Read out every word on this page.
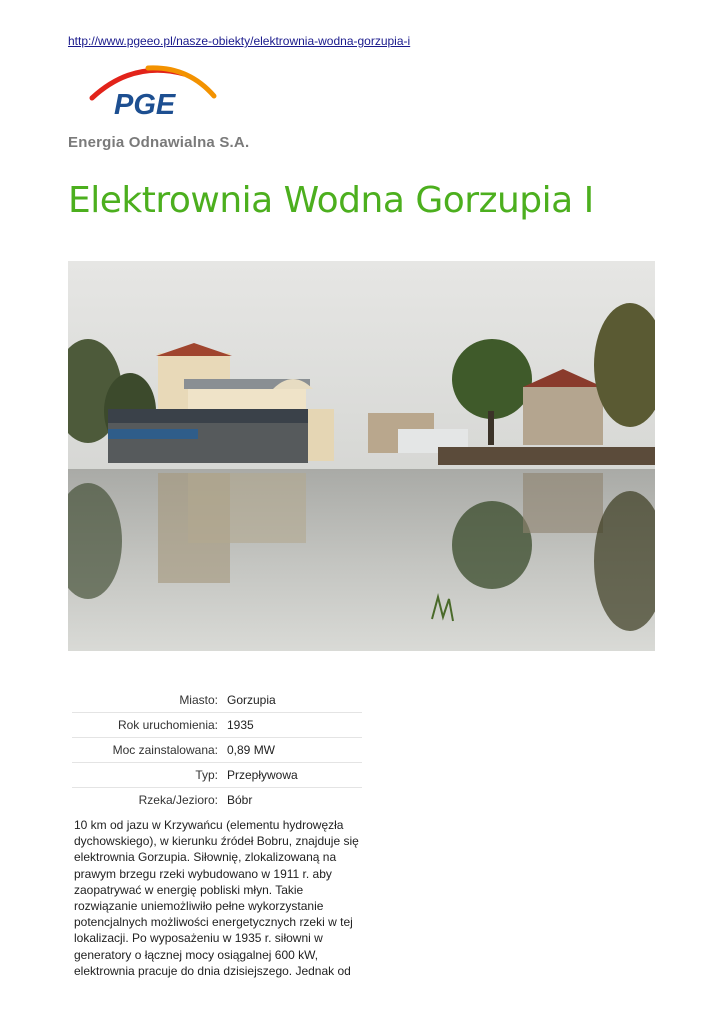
http://www.pgeeo.pl/nasze-obiekty/elektrownia-wodna-gorzupia-i
PGE
Energia Odnawialna S.A.
Elektrownia Wodna Gorzupia I
Miasto:	Gorzupia
Rok uruchomienia:	1935
Moc zainstalowana:	0,89 MW
Typ:	Przepływowa
Rzeka/Jezioro:	Bóbr

10 km od jazu w Krzywańcu (elementu hydrowęzła dychowskiego), w kierunku źródeł Bobru, znajduje się elektrownia Gorzupia. Siłownię, zlokalizowaną na prawym brzegu rzeki wybudowano w 1911 r. aby zaopatrywać w energię pobliski młyn. Takie rozwiązanie uniemożliwiło pełne wykorzystanie potencjalnych możliwości energetycznych rzeki w tej lokalizacji. Po wyposażeniu w 1935 r. siłowni w generatory o łącznej mocy osiągalnej 600 kW, elektrownia pracuje do dnia dzisiejszego. Jednak od
